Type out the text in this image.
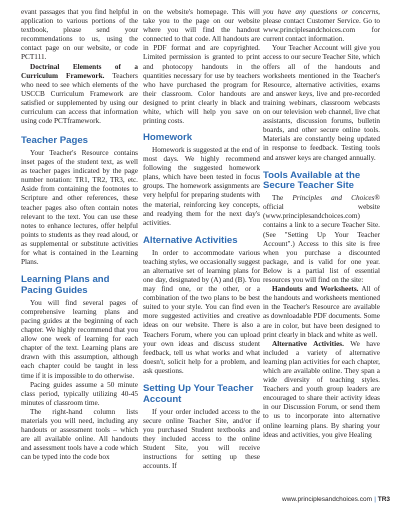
evant passages that you find helpful in application to various portions of the textbook, please send your recommendations to us, using the contact page on our website, or code PCT111.

Doctrinal Elements of a Curriculum Framework. Teachers who need to see which elements of the USCCB Curriculum Framework are satisfied or supplemented by using our curriculum can access that information using code PCTframework.

Teacher Pages

Your Teacher's Resource contains inset pages of the student text, as well as teacher pages indicated by the page number notation: TR1, TR2, TR3, etc. Aside from containing the footnotes to Scripture and other references, these teacher pages also often contain notes relevant to the text. You can use these notes to enhance lectures, offer helpful points to students as they read aloud, or as supplemental or substitute activities for what is contained in the Learning Plans.

Learning Plans and Pacing Guides

You will find several pages of comprehensive learning plans and pacing guides at the beginning of each chapter. We highly recommend that you allow one week of learning for each chapter of the text. Learning plans are drawn with this assumption, although each chapter could be taught in less time if it is impossible to do otherwise.

Pacing guides assume a 50 minute class period, typically utilizing 40-45 minutes of classroom time.

The right-hand column lists materials you will need, including any handouts or assessment tools – which are all available online. All handouts and assessment tools have a code which can be typed into the code box

on the website's homepage. This will take you to the page on our website where you will find the handout connected to that code. All handouts are in PDF format and are copyrighted. Limited permission is granted to print and photocopy handouts in the quantities necessary for use by teachers who have purchased the program for their classroom. Color handouts are designed to print clearly in black and white, which will help you save on printing costs.

Homework

Homework is suggested at the end of most days. We highly recommend following the suggested homework plans, which have been tested in focus groups. The homework assignments are very helpful for preparing students with the material, reinforcing key concepts, and readying them for the next day's activities.

Alternative Activities

In order to accommodate various teaching styles, we occasionally suggest an alternative set of learning plans for one day, designated by (A) and (B). You may find one, or the other, or a combination of the two plans to be best suited to your style. You can find even more suggested activities and creative ideas on our website. There is also a Teachers Forum, where you can upload your own ideas and discuss student feedback, tell us what works and what doesn't, solicit help for a problem, and ask questions.

Setting Up Your Teacher Account

If your order included access to the secure online Teacher Site, and/or if you purchased Student textbooks and they included access to the online Student Site, you will receive instructions for setting up these accounts. If

you have any questions or concerns, please contact Customer Service. Go to www.principlesandchoices.com for current contact information.

Your Teacher Account will give you access to our secure Teacher Site, which offers all of the handouts and worksheets mentioned in the Teacher's Resource, alternative activities, exams and answer keys, live and pre-recorded training webinars, classroom webcasts on our television web channel, live chat assistants, discussion forums, bulletin boards, and other secure online tools. Materials are constantly being updated in response to feedback. Testing tools and answer keys are changed annually.

Tools Available at the Secure Teacher Site

The Principles and Choices® official website (www.principlesandchoices.com) contains a link to a secure Teacher Site. (See "Setting Up Your Teacher Account".) Access to this site is free when you purchase a discounted package, and is valid for one year. Below is a partial list of essential resources you will find on the site:

Handouts and Worksheets. All of the handouts and worksheets mentioned in the Teacher's Resource are available as downloadable PDF documents. Some are in color, but have been designed to print clearly in black and white as well.

Alternative Activities. We have included a variety of alternative learning plan activities for each chapter, which are available online. They span a wide diversity of teaching styles. Teachers and youth group leaders are encouraged to share their activity ideas in our Discussion Forum, or send them to us to incorporate into alternative online learning plans. By sharing your ideas and activities, you give Healing

www.principlesandchoices.com | TR3
